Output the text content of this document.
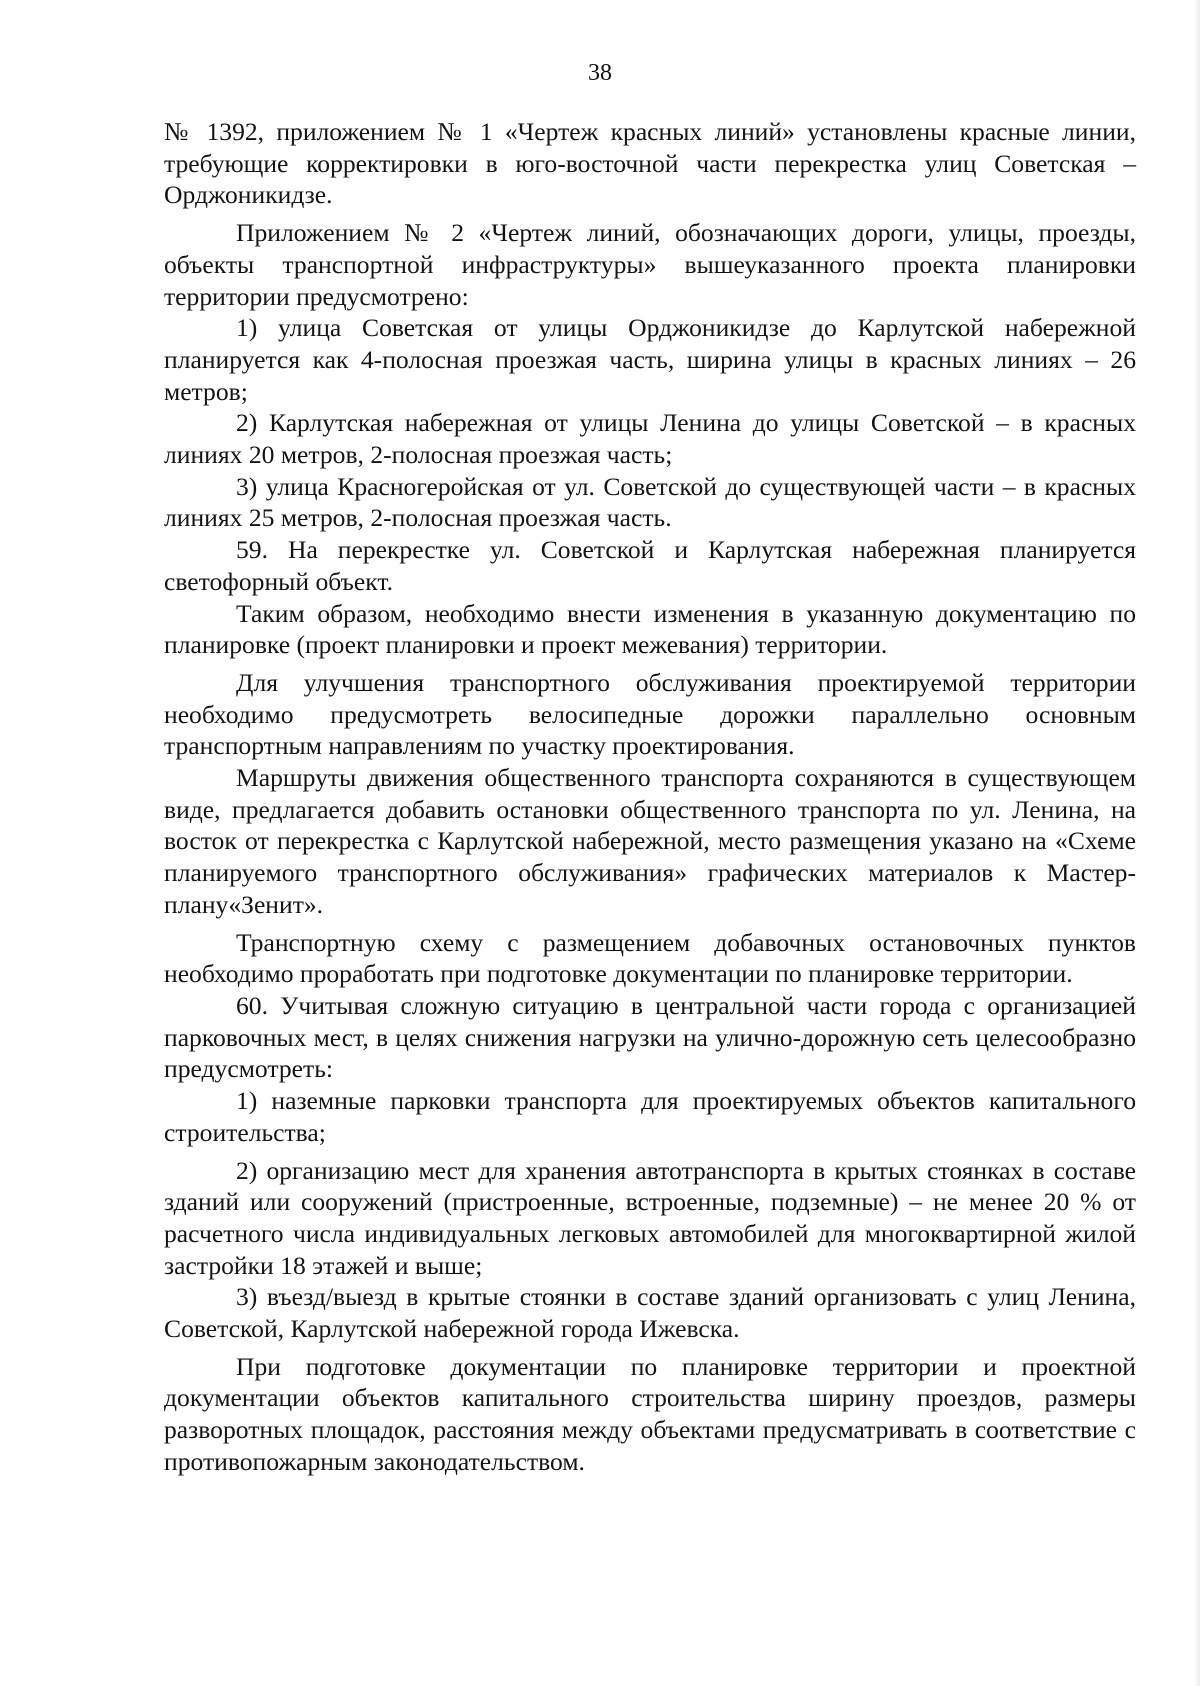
38

№ 1392, приложением № 1 «Чертеж красных линий» установлены красные линии, требующие корректировки в юго-восточной части перекрестка улиц Советская – Орджоникидзе.

Приложением № 2 «Чертеж линий, обозначающих дороги, улицы, проезды, объекты транспортной инфраструктуры» вышеуказанного проекта планировки территории предусмотрено:

1) улица Советская от улицы Орджоникидзе до Карлутской набережной планируется как 4-полосная проезжая часть, ширина улицы в красных линиях – 26 метров;

2) Карлутская набережная от улицы Ленина до улицы Советской – в красных линиях 20 метров, 2-полосная проезжая часть;

3) улица Красногеройская от ул. Советской до существующей части – в красных линиях 25 метров, 2-полосная проезжая часть.

59. На перекрестке ул. Советской и Карлутская набережная планируется светофорный объект.

Таким образом, необходимо внести изменения в указанную документацию по планировке (проект планировки и проект межевания) территории.

Для улучшения транспортного обслуживания проектируемой территории необходимо предусмотреть велосипедные дорожки параллельно основным транспортным направлениям по участку проектирования.

Маршруты движения общественного транспорта сохраняются в существующем виде, предлагается добавить остановки общественного транспорта по ул. Ленина, на восток от перекрестка с Карлутской набережной, место размещения указано на «Схеме планируемого транспортного обслуживания» графических материалов к Мастер-плану«Зенит».

Транспортную схему с размещением добавочных остановочных пунктов необходимо проработать при подготовке документации по планировке территории.

60. Учитывая сложную ситуацию в центральной части города с организацией парковочных мест, в целях снижения нагрузки на улично-дорожную сеть целесообразно предусмотреть:

1) наземные парковки транспорта для проектируемых объектов капитального строительства;

2) организацию мест для хранения автотранспорта в крытых стоянках в составе зданий или сооружений (пристроенные, встроенные, подземные) – не менее 20 % от расчетного числа индивидуальных легковых автомобилей для многоквартирной жилой застройки 18 этажей и выше;

3) въезд/выезд в крытые стоянки в составе зданий организовать с улиц Ленина, Советской, Карлутской набережной города Ижевска.

При подготовке документации по планировке территории и проектной документации объектов капитального строительства ширину проездов, размеры разворотных площадок, расстояния между объектами предусматривать в соответствие с противопожарным законодательством.
